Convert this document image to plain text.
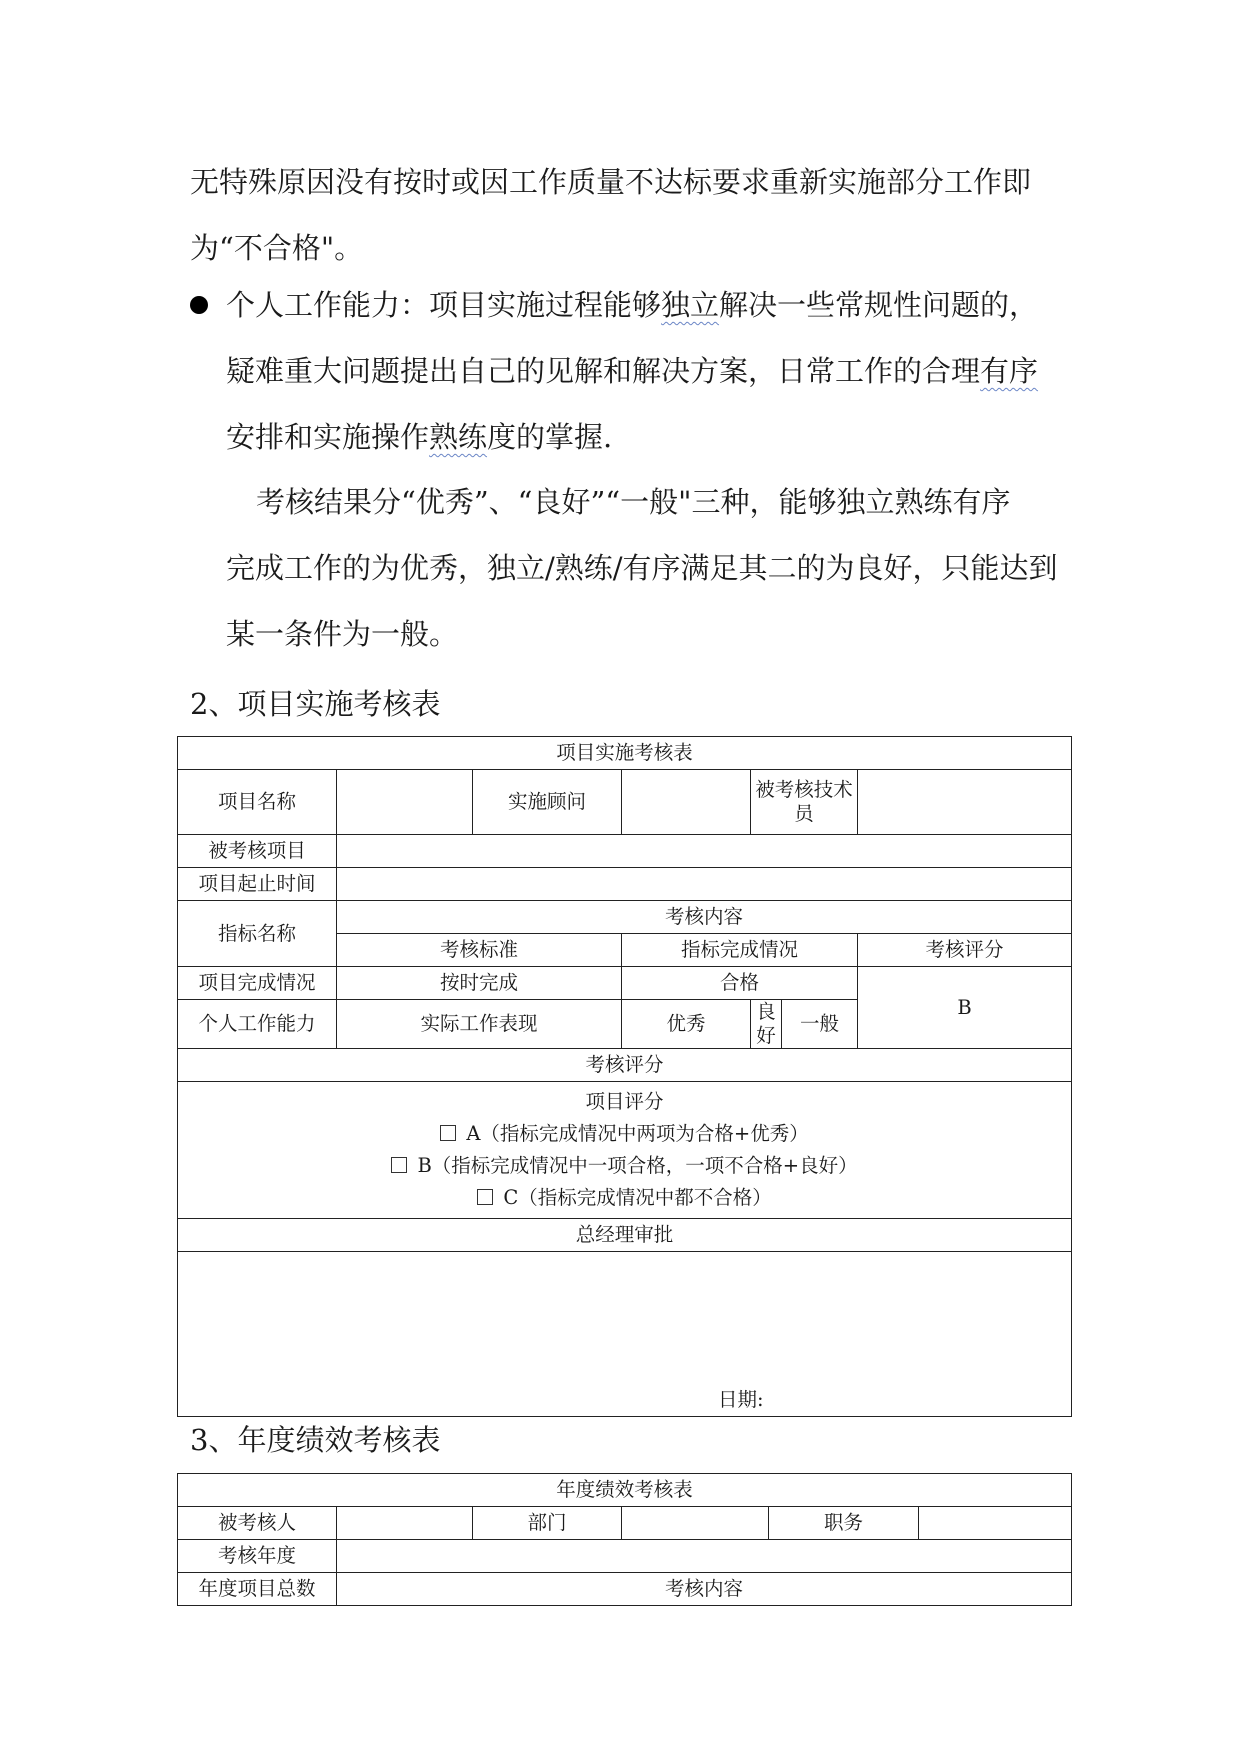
无特殊原因没有按时或因工作质量不达标要求重新实施部分工作即
为“不合格"。
个人工作能力：项目实施过程能够独立解决一些常规性问题的，
疑难重大问题提出自己的见解和解决方案，日常工作的合理有序
安排和实施操作熟练度的掌握.
考核结果分“优秀”、“良好”“一般"三种，能够独立熟练有序
完成工作的为优秀，独立/熟练/有序满足其二的为良好，只能达到
某一条件为一般。
2、项目实施考核表
项目实施考核表						
项目名称		实施顾问		被考核技术
员		
被考核项目						
项目起止时间						
指标名称	考核内容					
	考核标准		指标完成情况			考核评分
项目完成情况	按时完成		合格			B
个人工作能力	实际工作表现		优秀	良好	一般	
考核评分						

项目评分
A（指标完成情况中两项为合格+优秀）
B（指标完成情况中一项合格，一项不合格+良好）
C（指标完成情况中都不合格）						

总经理审批						

日期:						
3、年度绩效考核表
年度绩效考核表					
被考核人		部门		职务	
考核年度					
年度项目总数	考核内容				
